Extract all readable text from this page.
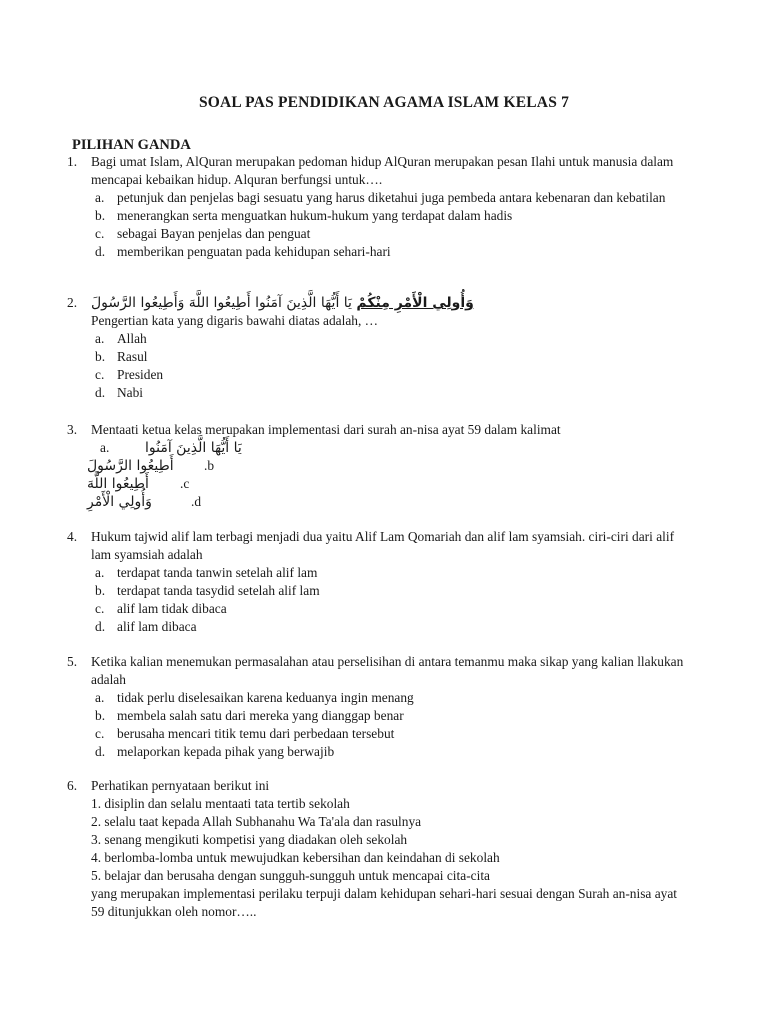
SOAL PAS PENDIDIKAN AGAMA ISLAM KELAS 7
PILIHAN GANDA
1. Bagi umat Islam, AlQuran merupakan pedoman hidup AlQuran merupakan pesan Ilahi untuk manusia dalam mencapai kebaikan hidup. Alquran berfungsi untuk….
a. petunjuk dan penjelas bagi sesuatu yang harus diketahui juga pembeda antara kebenaran dan kebatilan
b. menerangkan serta menguatkan hukum-hukum yang terdapat dalam hadis
c. sebagai Bayan penjelas dan penguat
d. memberikan penguatan pada kehidupan sehari-hari
2.	وَأُولِي الْأَمْرِ مِنْكُمْ يَا أَيُّهَا الَّذِينَ آمَنُوا أَطِيعُوا اللَّهَ وَأَطِيعُوا الرَّسُولَ
Pengertian kata yang digaris bawahi diatas adalah, …
a. Allah
b. Rasul
c. Presiden
d. Nabi
3. Mentaati ketua kelas merupakan implementasi dari surah an-nisa ayat 59 dalam kalimat
a.	يَا أَيُّهَا الَّذِينَ آمَنُوا
أَطِيعُوا الرَّسُولَ .b
أَطِيعُوا اللَّهَ .c
وَأُولِي الْأَمْرِ	.d
4. Hukum tajwid alif lam terbagi menjadi dua yaitu Alif Lam Qomariah dan alif lam syamsiah. ciri-ciri dari alif lam syamsiah adalah
a. terdapat tanda tanwin setelah alif lam
b. terdapat tanda tasydid setelah alif lam
c. alif lam tidak dibaca
d. alif lam dibaca
5. Ketika kalian menemukan permasalahan atau perselisihan di antara temanmu maka sikap yang kalian llakukan adalah
a. tidak perlu diselesaikan karena keduanya ingin menang
b. membela salah satu dari mereka yang dianggap benar
c. berusaha mencari titik temu dari perbedaan tersebut
d. melaporkan kepada pihak yang berwajib
6. Perhatikan pernyataan berikut ini
1. disiplin dan selalu mentaati tata tertib sekolah
2. selalu taat kepada Allah Subhanahu Wa Ta'ala dan rasulnya
3. senang mengikuti kompetisi yang diadakan oleh sekolah
4. berlomba-lomba untuk mewujudkan kebersihan dan keindahan di sekolah
5. belajar dan berusaha dengan sungguh-sungguh untuk mencapai cita-cita
yang merupakan implementasi perilaku terpuji dalam kehidupan sehari-hari sesuai dengan Surah an-nisa ayat 59 ditunjukkan oleh nomor…..
